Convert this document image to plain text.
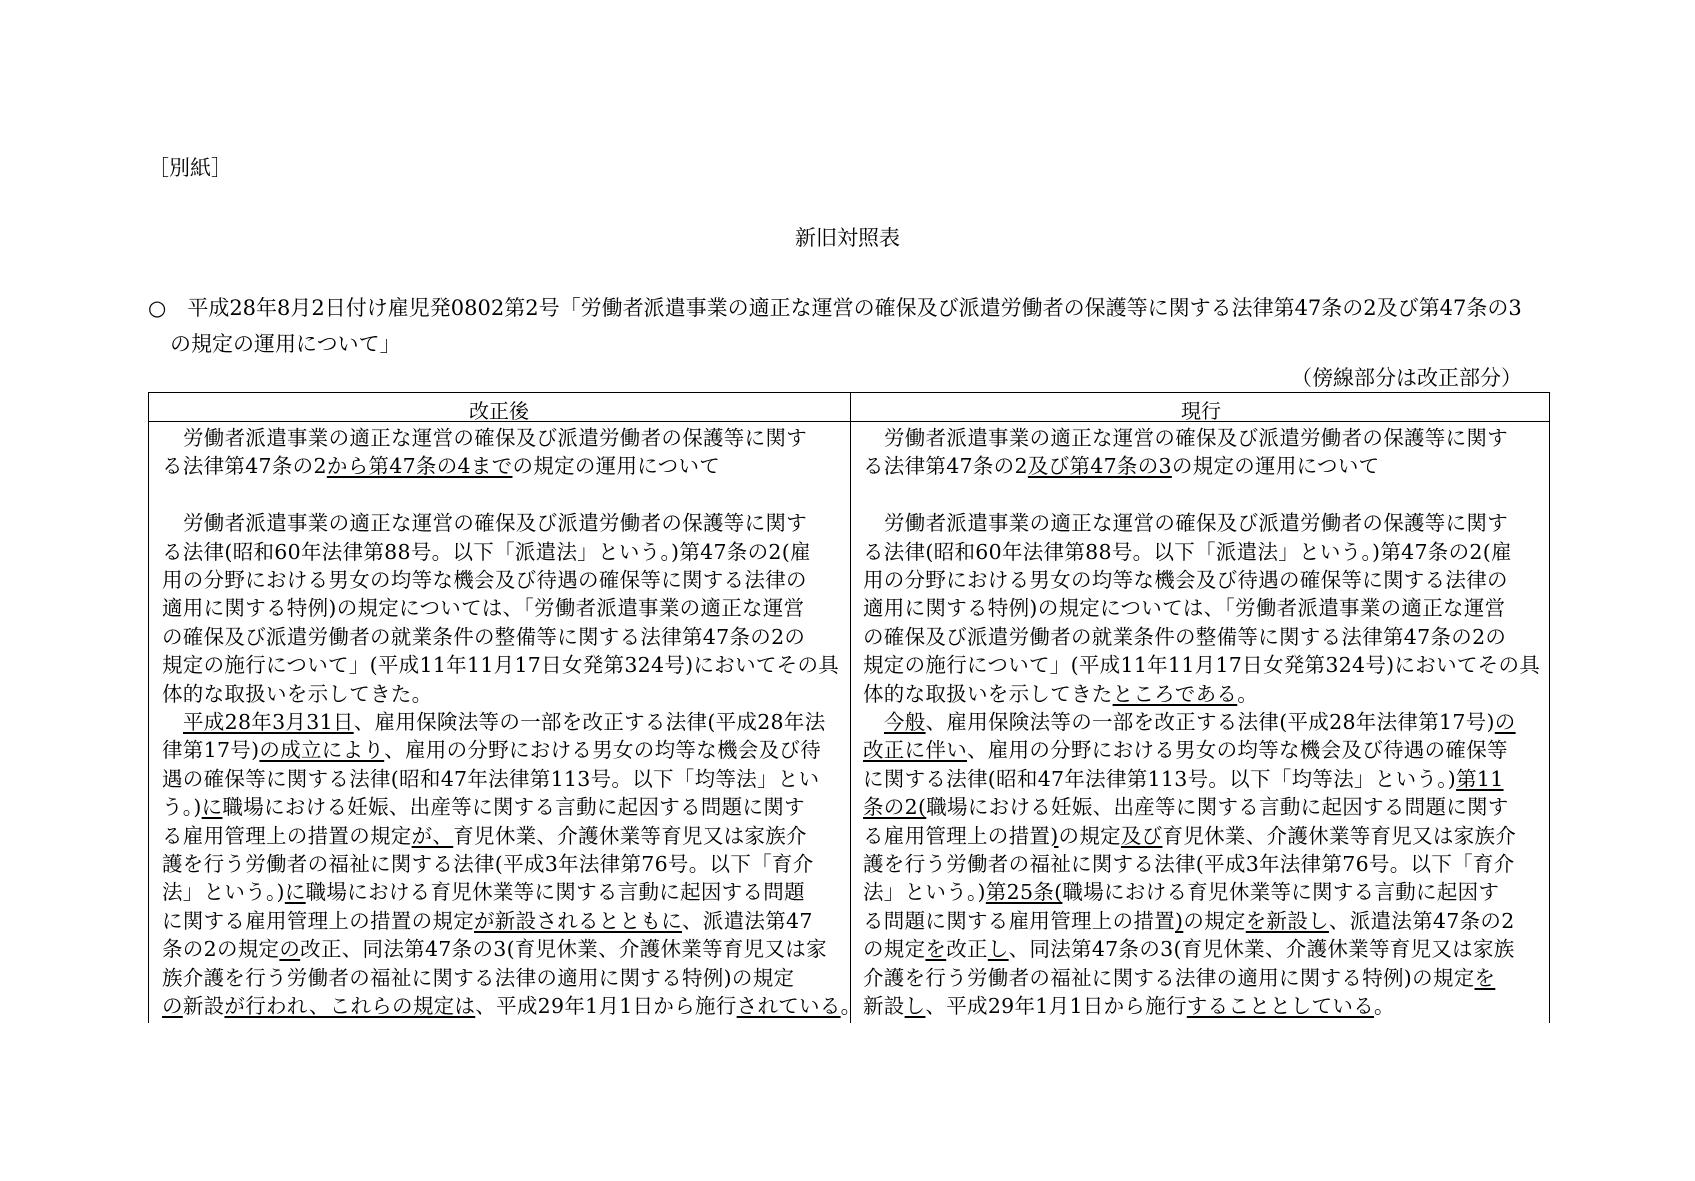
［別紙］
新旧対照表
○　平成28年8月2日付け雇児発0802第2号「労働者派遣事業の適正な運営の確保及び派遣労働者の保護等に関する法律第47条の2及び第47条の3
の規定の運用について」
（傍線部分は改正部分）
改正後	現行
労働者派遣事業の適正な運営の確保及び派遣労働者の保護等に関す
る法律第47条の2から第47条の4までの規定の運用について
労働者派遣事業の適正な運営の確保及び派遣労働者の保護等に関す
る法律(昭和60年法律第88号。以下「派遣法」という。)第47条の2(雇
用の分野における男女の均等な機会及び待遇の確保等に関する法律の
適用に関する特例)の規定については、「労働者派遣事業の適正な運営
の確保及び派遣労働者の就業条件の整備等に関する法律第47条の2の
規定の施行について」(平成11年11月17日女発第324号)においてその具
体的な取扱いを示してきた。
平成28年3月31日、雇用保険法等の一部を改正する法律(平成28年法
律第17号)の成立により、雇用の分野における男女の均等な機会及び待
遇の確保等に関する法律(昭和47年法律第113号。以下「均等法」とい
う。)に職場における妊娠、出産等に関する言動に起因する問題に関す
る雇用管理上の措置の規定が、育児休業、介護休業等育児又は家族介
護を行う労働者の福祉に関する法律(平成3年法律第76号。以下「育介
法」という。)に職場における育児休業等に関する言動に起因する問題
に関する雇用管理上の措置の規定が新設されるとともに、派遣法第47
条の2の規定の改正、同法第47条の3(育児休業、介護休業等育児又は家
族介護を行う労働者の福祉に関する法律の適用に関する特例)の規定
の新設が行われ、これらの規定は、平成29年1月1日から施行されている。
労働者派遣事業の適正な運営の確保及び派遣労働者の保護等に関す
る法律第47条の2及び第47条の3の規定の運用について
労働者派遣事業の適正な運営の確保及び派遣労働者の保護等に関す
る法律(昭和60年法律第88号。以下「派遣法」という。)第47条の2(雇
用の分野における男女の均等な機会及び待遇の確保等に関する法律の
適用に関する特例)の規定については、「労働者派遣事業の適正な運営
の確保及び派遣労働者の就業条件の整備等に関する法律第47条の2の
規定の施行について」(平成11年11月17日女発第324号)においてその具
体的な取扱いを示してきたところである。
今般、雇用保険法等の一部を改正する法律(平成28年法律第17号)の
改正に伴い、雇用の分野における男女の均等な機会及び待遇の確保等
に関する法律(昭和47年法律第113号。以下「均等法」という。)第11
条の2(職場における妊娠、出産等に関する言動に起因する問題に関す
る雇用管理上の措置)の規定及び育児休業、介護休業等育児又は家族介
護を行う労働者の福祉に関する法律(平成3年法律第76号。以下「育介
法」という。)第25条(職場における育児休業等に関する言動に起因す
る問題に関する雇用管理上の措置)の規定を新設し、派遣法第47条の2
の規定を改正し、同法第47条の3(育児休業、介護休業等育児又は家族
介護を行う労働者の福祉に関する法律の適用に関する特例)の規定を
新設し、平成29年1月1日から施行することとしている。
